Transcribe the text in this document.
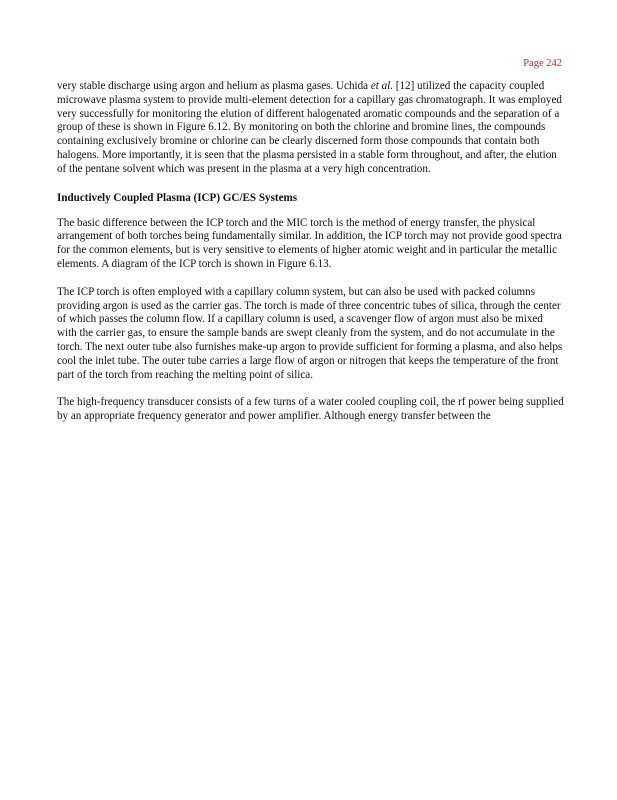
Page 242

very stable discharge using argon and helium as plasma gases. Uchida et al. [12] utilized the capacity coupled microwave plasma system to provide multi-element detection for a capillary gas chromatograph. It was employed very successfully for monitoring the elution of different halogenated aromatic compounds and the separation of a group of these is shown in Figure 6.12. By monitoring on both the chlorine and bromine lines, the compounds containing exclusively bromine or chlorine can be clearly discerned form those compounds that contain both halogens. More importantly, it is seen that the plasma persisted in a stable form throughout, and after, the elution of the pentane solvent which was present in the plasma at a very high concentration.

Inductively Coupled Plasma (ICP) GC/ES Systems

The basic difference between the ICP torch and the MIC torch is the method of energy transfer, the physical arrangement of both torches being fundamentally similar. In addition, the ICP torch may not provide good spectra for the common elements, but is very sensitive to elements of higher atomic weight and in particular the metallic elements. A diagram of the ICP torch is shown in Figure 6.13.

The ICP torch is often employed with a capillary column system, but can also be used with packed columns providing argon is used as the carrier gas. The torch is made of three concentric tubes of silica, through the center of which passes the column flow. If a capillary column is used, a scavenger flow of argon must also be mixed with the carrier gas, to ensure the sample bands are swept cleanly from the system, and do not accumulate in the torch. The next outer tube also furnishes make-up argon to provide sufficient for forming a plasma, and also helps cool the inlet tube. The outer tube carries a large flow of argon or nitrogen that keeps the temperature of the front part of the torch from reaching the melting point of silica.

The high-frequency transducer consists of a few turns of a water cooled coupling coil, the rf power being supplied by an appropriate frequency generator and power amplifier. Although energy transfer between the
